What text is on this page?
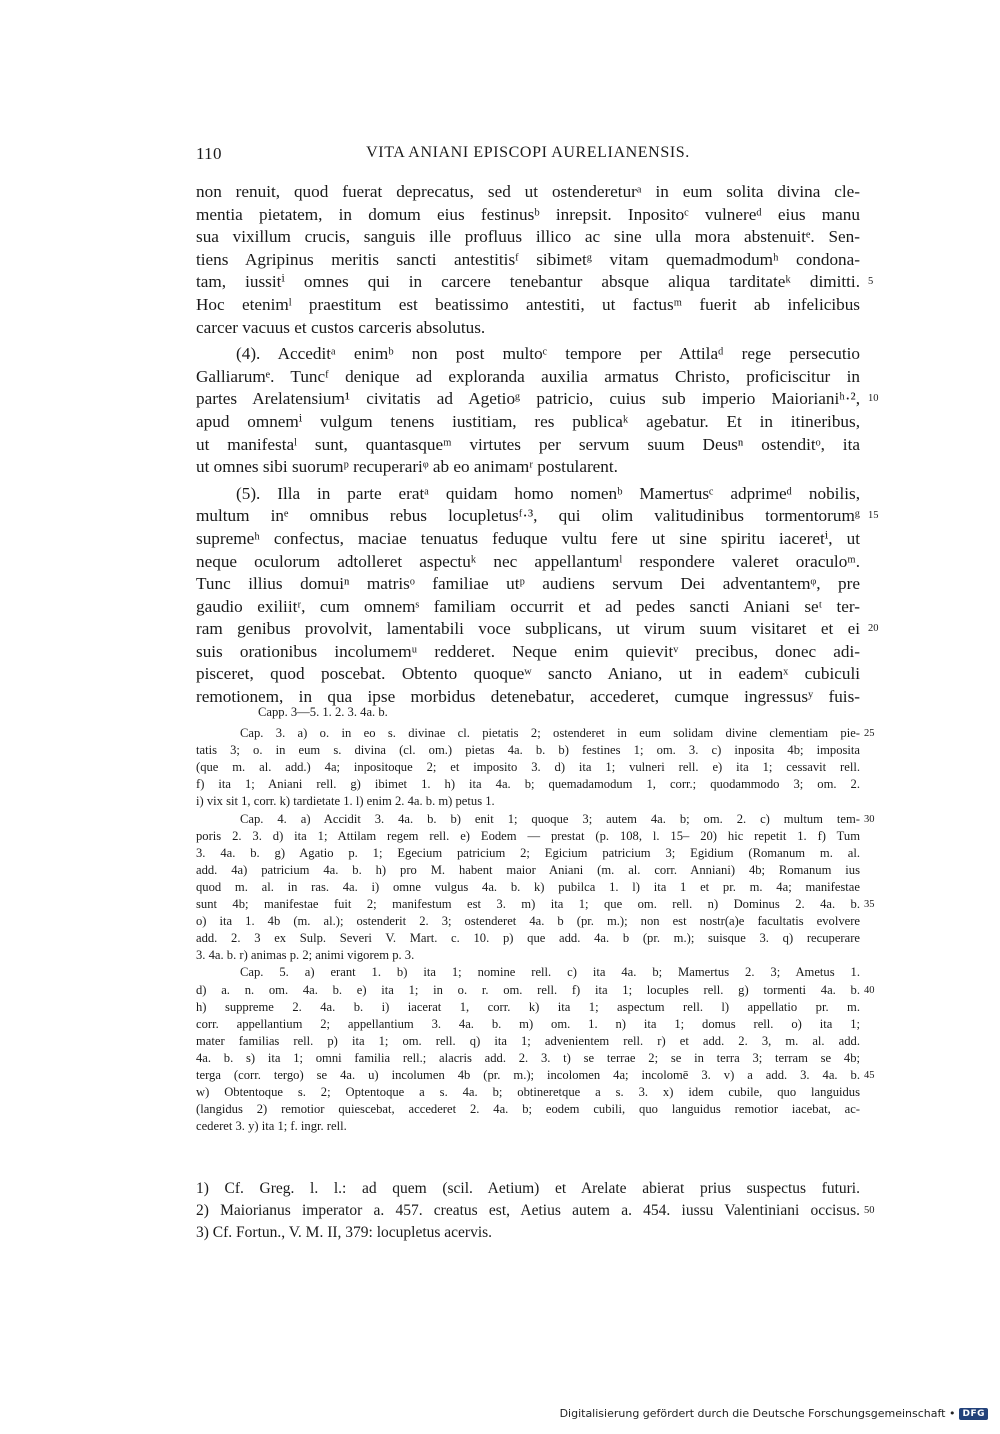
110	VITA ANIANI EPISCOPI AURELIANENSIS.
non renuit, quod fuerat deprecatus, sed ut ostendereturᵃ in eum solita divina cle-
mentia pietatem, in domum eius festinusᵇ inrepsit. Inpositoᶜ vulnereᵈ eius manu
sua vixillum crucis, sanguis ille profluus illico ac sine ulla mora abstenuitᵉ. Sen-
tiens Agripinus meritis sancti antestitisᶠ sibimetᵍ vitam quemadmodumʰ condona-
tam, iussitⁱ omnes qui in carcere tenebantur absque aliqua tarditateᵏ dimitti. 5
Hoc etenimˡ praestitum est beatissimo antestiti, ut factusᵐ fuerit ab infelicibus
carcer vacuus et custos carceris absolutus.
(4). Acceditᵃ enimᵇ non post multoᶜ tempore per Attilaᵈ rege persecutio
Galliarumᵉ. Tuncᶠ denique ad exploranda auxilia armatus Christo, proficiscitur in
partes Arelatensium¹ civitatis ad Agetioᵍ patricio, cuius sub imperio Maiorianiʰ·², 10
apud omnemⁱ vulgum tenens iustitiam, res publicaᵏ agebatur. Et in itineribus,
ut manifestaˡ sunt, quantasqueᵐ virtutes per servum suum Deusⁿ ostenditᵒ, ita
ut omnes sibi suorumᵖ recuperariᵠ ab eo animamʳ postularent.
(5). Illa in parte eratᵃ quidam homo nomenᵇ Mamertusᶜ adprimeᵈ nobilis,
multum inᵉ omnibus rebus locupletusᶠ·³, qui olim valitudinibus tormentorumᵍ 15
supremeʰ confectus, maciae tenuatus feduque vultu fere ut sine spiritu iaceretⁱ, ut
neque oculorum adtolleret aspectuᵏ nec appellantumˡ respondere valeret oraculoᵐ.
Tunc illius domuiⁿ matrisᵒ familiae utᵖ audiens servum Dei adventantemᵠ, pre
gaudio exiliitʳ, cum omnemˢ familiam occurrit et ad pedes sancti Aniani seᵗ ter-
ram genibus provolvit, lamentabili voce subplicans, ut virum suum visitaret et ei 20
suis orationibus incolumemᵘ redderet. Neque enim quievitᵛ precibus, donec adi-
pisceret, quod poscebat. Obtento quoqueʷ sancto Aniano, ut in eademˣ cubiculi
remotionem, in qua ipse morbidus detenebatur, accederet, cumque ingressusʸ fuis-
Capp. 3—5. 1. 2. 3. 4a. b.
Cap. 3. a) o. in eo s. divinae cl. pietatis 2; ostenderet in eum solidam divine clementiam pie- 25
tatis 3; o. in eum s. divina (cl. om.) pietas 4a. b. b) festines 1; om. 3. c) inposita 4b; imposita
(que m. al. add.) 4a; inpositoque 2; et imposito 3. d) ita 1; vulneri rell. e) ita 1; cessavit rell.
f) ita 1; Aniani rell. g) ibimet 1. h) ita 4a. b; quemadamodum 1, corr.; quodammodo 3; om. 2.
i) vix sit 1, corr. k) tardietate 1. l) enim 2. 4a. b. m) petus 1.
Cap. 4. a) Accidit 3. 4a. b. b) enit 1; quoque 3; autem 4a. b; om. 2. c) multum tem- 30
poris 2. 3. d) ita 1; Attilam regem rell. e) Eodem — prestat (p. 108, l. 15– 20) hic repetit 1. f) Tum
3. 4a. b. g) Agatio p. 1; Egecium patricium 2; Egicium patricium 3; Egidium (Romanum m. al.
add. 4a) patricium 4a. b. h) pro M. habent maior Aniani (m. al. corr. Anniani) 4b; Romanum ius
quod m. al. in ras. 4a. i) omne vulgus 4a. b. k) pubilca 1. l) ita 1 et pr. m. 4a; manifestae
sunt 4b; manifestae fuit 2; manifestum est 3. m) ita 1; que om. rell. n) Dominus 2. 4a. b. 35
o) ita 1. 4b (m. al.); ostenderit 2. 3; ostenderet 4a. b (pr. m.); non est nostr(a)e facultatis evolvere
add. 2. 3 ex Sulp. Severi V. Mart. c. 10. p) que add. 4a. b (pr. m.); suisque 3. q) recuperare
3. 4a. b. r) animas p. 2; animi vigorem p. 3.
Cap. 5. a) erant 1. b) ita 1; nomine rell. c) ita 4a. b; Mamertus 2. 3; Ametus 1.
d) a. n. om. 4a. b. e) ita 1; in o. r. om. rell. f) ita 1; locuples rell. g) tormenti 4a. b. 40
h) suppreme 2. 4a. b. i) iacerat 1, corr. k) ita 1; aspectum rell. l) appellatio pr. m.
corr. appellantium 2; appellantium 3. 4a. b. m) om. 1. n) ita 1; domus rell. o) ita 1;
mater familias rell. p) ita 1; om. rell. q) ita 1; advenientem rell. r) et add. 2. 3, m. al. add.
4a. b. s) ita 1; omni familia rell.; alacris add. 2. 3. t) se terrae 2; se in terra 3; terram se 4b;
terga (corr. tergo) se 4a. u) incolumen 4b (pr. m.); incolomen 4a; incolomē 3. v) a add. 3. 4a. b. 45
w) Obtentoque s. 2; Optentoque a s. 4a. b; obtineretque a s. 3. x) idem cubile, quo languidus
(langidus 2) remotior quiescebat, accederet 2. 4a. b; eodem cubili, quo languidus remotior iacebat, ac-
cederet 3. y) ita 1; f. ingr. rell.
1) Cf. Greg. l. l.: ad quem (scil. Aetium) et Arelate abierat prius suspectus futuri.
2) Maiorianus imperator a. 457. creatus est, Aetius autem a. 454. iussu Valentiniani occisus. 50
3) Cf. Fortun., V. M. II, 379: locupletus acervis.
Digitalisierung gefördert durch die Deutsche Forschungsgemeinschaft • DFG
